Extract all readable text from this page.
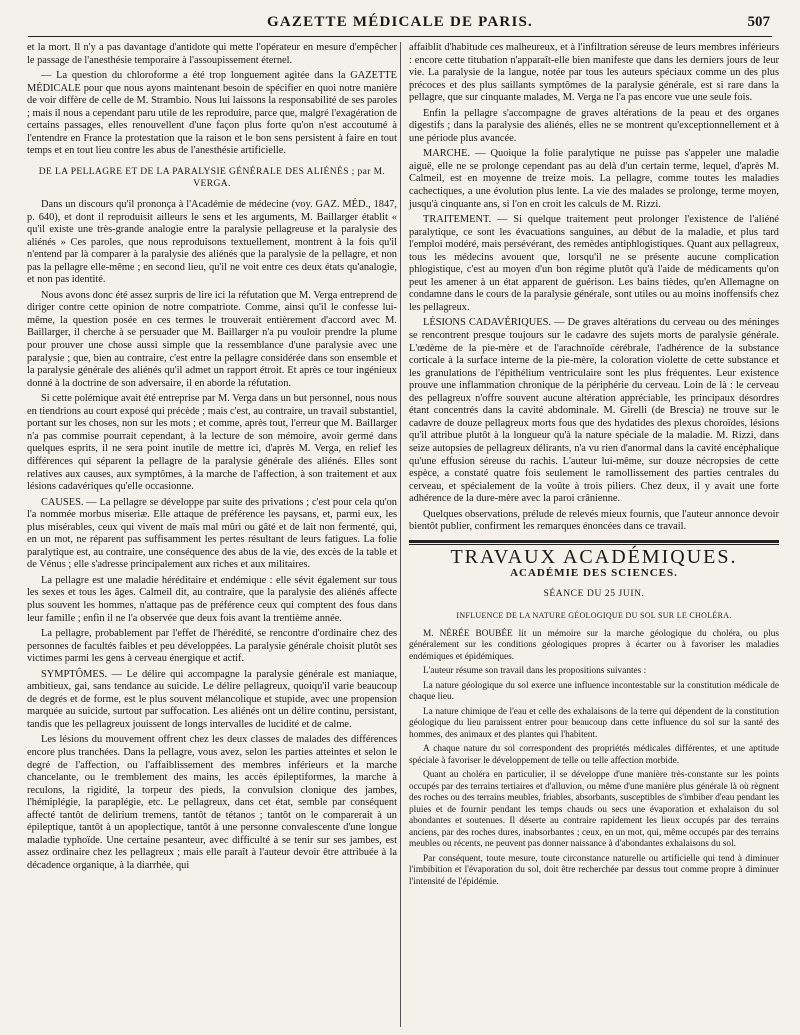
GAZETTE MÉDICALE DE PARIS.	507

et la mort. Il n'y a pas davantage d'antidote qui mette l'opérateur en mesure d'empêcher le passage de l'anesthésie temporaire à l'assoupissement éternel.

— La question du chloroforme a été trop longuement agitée dans la GAZETTE MÉDICALE pour que nous ayons maintenant besoin de spécifier en quoi notre manière de voir diffère de celle de M. Strambio. Nous lui laissons la responsabilité de ses paroles ; mais il nous a cependant paru utile de les reproduire, parce que, malgré l'exagération de certains passages, elles renouvellent d'une façon plus forte qu'on n'est accoutumé à l'entendre en France la protestation que la raison et le bon sens persistent à faire en tout temps et en tout lieu contre les abus de l'anesthésie artificielle.

DE LA PELLAGRE ET DE LA PARALYSIE GÉNÉRALE DES ALIÉNÉS ; par M. VERGA.

Dans un discours qu'il prononça à l'Académie de médecine (voy. GAZ. MÉD., 1847, p. 640), et dont il reproduisit ailleurs le sens et les arguments, M. Baillarger établit « qu'il existe une très-grande analogie entre la paralysie pellagreuse et la paralysie des aliénés » Ces paroles, que nous reproduisons textuellement, montrent à la fois qu'il n'entend par là comparer à la paralysie des aliénés que la paralysie de la pellagre, et non pas la pellagre elle-même ; en second lieu, qu'il ne voit entre ces deux états qu'analogie, et non pas identité.

Nous avons donc été assez surpris de lire ici la réfutation que M. Verga entreprend de diriger contre cette opinion de notre compatriote. Comme, ainsi qu'il le confesse lui-même, la question posée en ces termes le trouverait entièrement d'accord avec M. Baillarger, il cherche à se persuader que M. Baillarger n'a pu vouloir prendre la plume pour prouver une chose aussi simple que la ressemblance d'une paralysie avec une paralysie ; que, bien au contraire, c'est entre la pellagre considérée dans son ensemble et la paralysie générale des aliénés qu'il admet un rapport étroit. Et après ce tour ingénieux donné à la doctrine de son adversaire, il en aborde la réfutation.

Si cette polémique avait été entreprise par M. Verga dans un but personnel, nous nous en tiendrions au court exposé qui précède ; mais c'est, au contraire, un travail substantiel, portant sur les choses, non sur les mots ; et comme, après tout, l'erreur que M. Baillarger n'a pas commise pourrait cependant, à la lecture de son mémoire, avoir germé dans quelques esprits, il ne sera point inutile de mettre ici, d'après M. Verga, en relief les différences qui séparent la pellagre de la paralysie générale des aliénés. Elles sont relatives aux causes, aux symptômes, à la marche de l'affection, à son traitement et aux lésions cadavériques qu'elle occasionne.

CAUSES. — La pellagre se développe par suite des privations ; c'est pour cela qu'on l'a nommée morbus miseriæ. Elle attaque de préférence les paysans, et, parmi eux, les plus misérables, ceux qui vivent de maïs mal mûri ou gâté et de lait non fermenté, qui, en un mot, ne réparent pas suffisamment les pertes résultant de leurs fatigues. La folie paralytique est, au contraire, une conséquence des abus de la vie, des excès de la table et de Vénus ; elle s'adresse principalement aux riches et aux militaires.

La pellagre est une maladie héréditaire et endémique : elle sévit également sur tous les sexes et tous les âges. Calmeil dit, au contraire, que la paralysie des aliénés affecte plus souvent les hommes, n'attaque pas de préférence ceux qui comptent des fous dans leur famille ; enfin il ne l'a observée que deux fois avant la trentième année.

La pellagre, probablement par l'effet de l'hérédité, se rencontre d'ordinaire chez des personnes de facultés faibles et peu développées. La paralysie générale choisit plutôt ses victimes parmi les gens à cerveau énergique et actif.

SYMPTÔMES. — Le délire qui accompagne la paralysie générale est maniaque, ambitieux, gai, sans tendance au suicide. Le délire pellagreux, quoiqu'il varie beaucoup de degrés et de forme, est le plus souvent mélancolique et stupide, avec une propension marquée au suicide, surtout par suffocation. Les aliénés ont un délire continu, persistant, tandis que les pellagreux jouissent de longs intervalles de lucidité et de calme.

Les lésions du mouvement offrent chez les deux classes de malades des différences encore plus tranchées. Dans la pellagre, vous avez, selon les parties atteintes et selon le degré de l'affection, ou l'affaiblissement des membres inférieurs et la marche chancelante, ou le tremblement des mains, les accès épileptiformes, la marche à reculons, la rigidité, la torpeur des pieds, la convulsion clonique des jambes, l'hémiplégie, la paraplégie, etc. Le pellagreux, dans cet état, semble par conséquent affecté tantôt de delirium tremens, tantôt de tétanos ; tantôt on le comparerait à un épileptique, tantôt à un apoplectique, tantôt à une personne convalescente d'une longue maladie typhoïde. Une certaine pesanteur, avec difficulté à se tenir sur ses jambes, est assez ordinaire chez les pellagreux ; mais elle paraît à l'auteur devoir être attribuée à la décadence organique, à la diarrhée, qui

affaiblit d'habitude ces malheureux, et à l'infiltration séreuse de leurs membres inférieurs : encore cette titubation n'apparaît-elle bien manifeste que dans les derniers jours de leur vie. La paralysie de la langue, notée par tous les auteurs spéciaux comme un des plus précoces et des plus saillants symptômes de la paralysie générale, est si rare dans la pellagre, que sur cinquante malades, M. Verga ne l'a pas encore vue une seule fois.

Enfin la pellagre s'accompagne de graves altérations de la peau et des organes digestifs ; dans la paralysie des aliénés, elles ne se montrent qu'exceptionnellement et à une période plus avancée.

MARCHE. — Quoique la folie paralytique ne puisse pas s'appeler une maladie aiguë, elle ne se prolonge cependant pas au delà d'un certain terme, lequel, d'après M. Calmeil, est en moyenne de treize mois. La pellagre, comme toutes les maladies cachectiques, a une évolution plus lente. La vie des malades se prolonge, terme moyen, jusqu'à cinquante ans, si l'on en croit les calculs de M. Rizzi.

TRAITEMENT. — Si quelque traitement peut prolonger l'existence de l'aliéné paralytique, ce sont les évacuations sanguines, au début de la maladie, et plus tard l'emploi modéré, mais persévérant, des remèdes antiphlogistiques. Quant aux pellagreux, tous les médecins avouent que, lorsqu'il ne se présente aucune complication phlogistique, c'est au moyen d'un bon régime plutôt qu'à l'aide de médicaments qu'on peut les amener à un état apparent de guérison. Les bains tièdes, qu'en Allemagne on condamne dans le cours de la paralysie générale, sont utiles ou au moins inoffensifs chez les pellagreux.

LÉSIONS CADAVÉRIQUES. — De graves altérations du cerveau ou des méninges se rencontrent presque toujours sur le cadavre des sujets morts de paralysie générale. L'œdème de la pie-mère et de l'arachnoïde cérébrale, l'adhérence de la substance corticale à la surface interne de la pie-mère, la coloration violette de cette substance et les granulations de l'épithélium ventriculaire sont les plus fréquentes. Leur existence prouve une inflammation chronique de la périphérie du cerveau. Loin de là : le cerveau des pellagreux n'offre souvent aucune altération appréciable, les principaux désordres étant concentrés dans la cavité abdominale. M. Girelli (de Brescia) ne trouve sur le cadavre de douze pellagreux morts fous que des hydatides des plexus choroïdes, lésions qu'il attribue plutôt à la longueur qu'à la nature spéciale de la maladie. M. Rizzi, dans seize autopsies de pellagreux délirants, n'a vu rien d'anormal dans la cavité encéphalique qu'une effusion séreuse du rachis. L'auteur lui-même, sur douze nécropsies de cette espèce, a constaté quatre fois seulement le ramollissement des parties centrales du cerveau, et spécialement de la voûte à trois piliers. Chez deux, il y avait une forte adhérence de la dure-mère avec la paroi crânienne.

Quelques observations, prélude de relevés mieux fournis, que l'auteur annonce devoir bientôt publier, confirment les remarques énoncées dans ce travail.

TRAVAUX ACADÉMIQUES.
ACADÉMIE DES SCIENCES.
SÉANCE DU 25 JUIN.
INFLUENCE DE LA NATURE GÉOLOGIQUE DU SOL SUR LE CHOLÉRA.

M. NÉRÉE BOUBÉE lit un mémoire sur la marche géologique du choléra, ou plus généralement sur les conditions géologiques propres à écarter ou à favoriser les maladies endémiques et épidémiques.

L'auteur résume son travail dans les propositions suivantes :

La nature géologique du sol exerce une influence incontestable sur la constitution médicale de chaque lieu.

La nature chimique de l'eau et celle des exhalaisons de la terre qui dépendent de la constitution géologique du lieu paraissent entrer pour beaucoup dans cette influence du sol sur la santé des hommes, des animaux et des plantes qui l'habitent.

A chaque nature du sol correspondent des propriétés médicales différentes, et une aptitude spéciale à favoriser le développement de telle ou telle affection morbide.

Quant au choléra en particulier, il se développe d'une manière très-constante sur les points occupés par des terrains tertiaires et d'alluvion, ou même d'une manière plus générale là où règnent des roches ou des terrains meubles, friables, absorbants, susceptibles de s'imbiber d'eau pendant les pluies et de fournir pendant les temps chauds ou secs une évaporation et exhalaison du sol abondantes et soutenues. Il déserte au contraire rapidement les lieux occupés par des terrains anciens, par des roches dures, inabsorbantes ; ceux, en un mot, qui, même occupés par des terrains meubles ou récents, ne peuvent pas donner naissance à d'abondantes exhalaisons du sol.

Par conséquent, toute mesure, toute circonstance naturelle ou artificielle qui tend à diminuer l'imbibition et l'évaporation du sol, doit être recherchée par dessus tout comme propre à diminuer l'intensité de l'épidémie.
